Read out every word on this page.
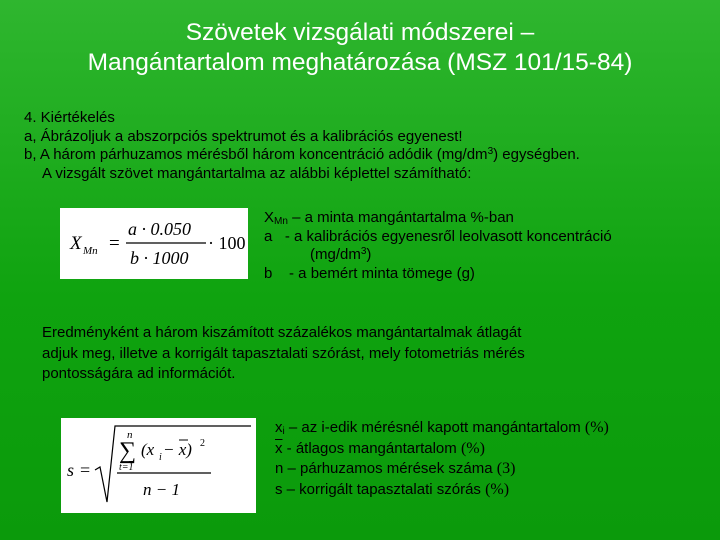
Szövetek vizsgálati módszerei –
Mangántartalom meghatározása (MSZ 101/15-84)
4. Kiértékelés
a, Ábrázoljuk a abszorpciós spektrumot és a kalibrációs egyenest!
b, A három párhuzamos mérésből három koncentráció adódik $(mg/dm^3)$ egységben.
A vizsgált szövet mangántartalma az alábbi képlettel számítható:
X Mn =
a · 0.050
b · 1000
· 100
$X_{Mn}$ – a minta mangántartalma %-ban
a - a kalibrációs egyenesről leolvasott koncentráció
$(mg/dm^3)$
b - a bemért minta tömege (g)
Eredményként a három kiszámított százalékos mangántartalmak átlagát
adjuk meg, illetve a korrigált tapasztalati szórást, mely fotometriás mérés
pontosságára ad információt.
s =
n
∑
t=1
(x i − x) 2
n − 1
$x_i$ – az i-edik mérésnél kapott mangántartalom (%)
$\overline{x}$ - átlagos mangántartalom (%)
n – párhuzamos mérések száma (3)
s – korrigált tapasztalati szórás (%)
